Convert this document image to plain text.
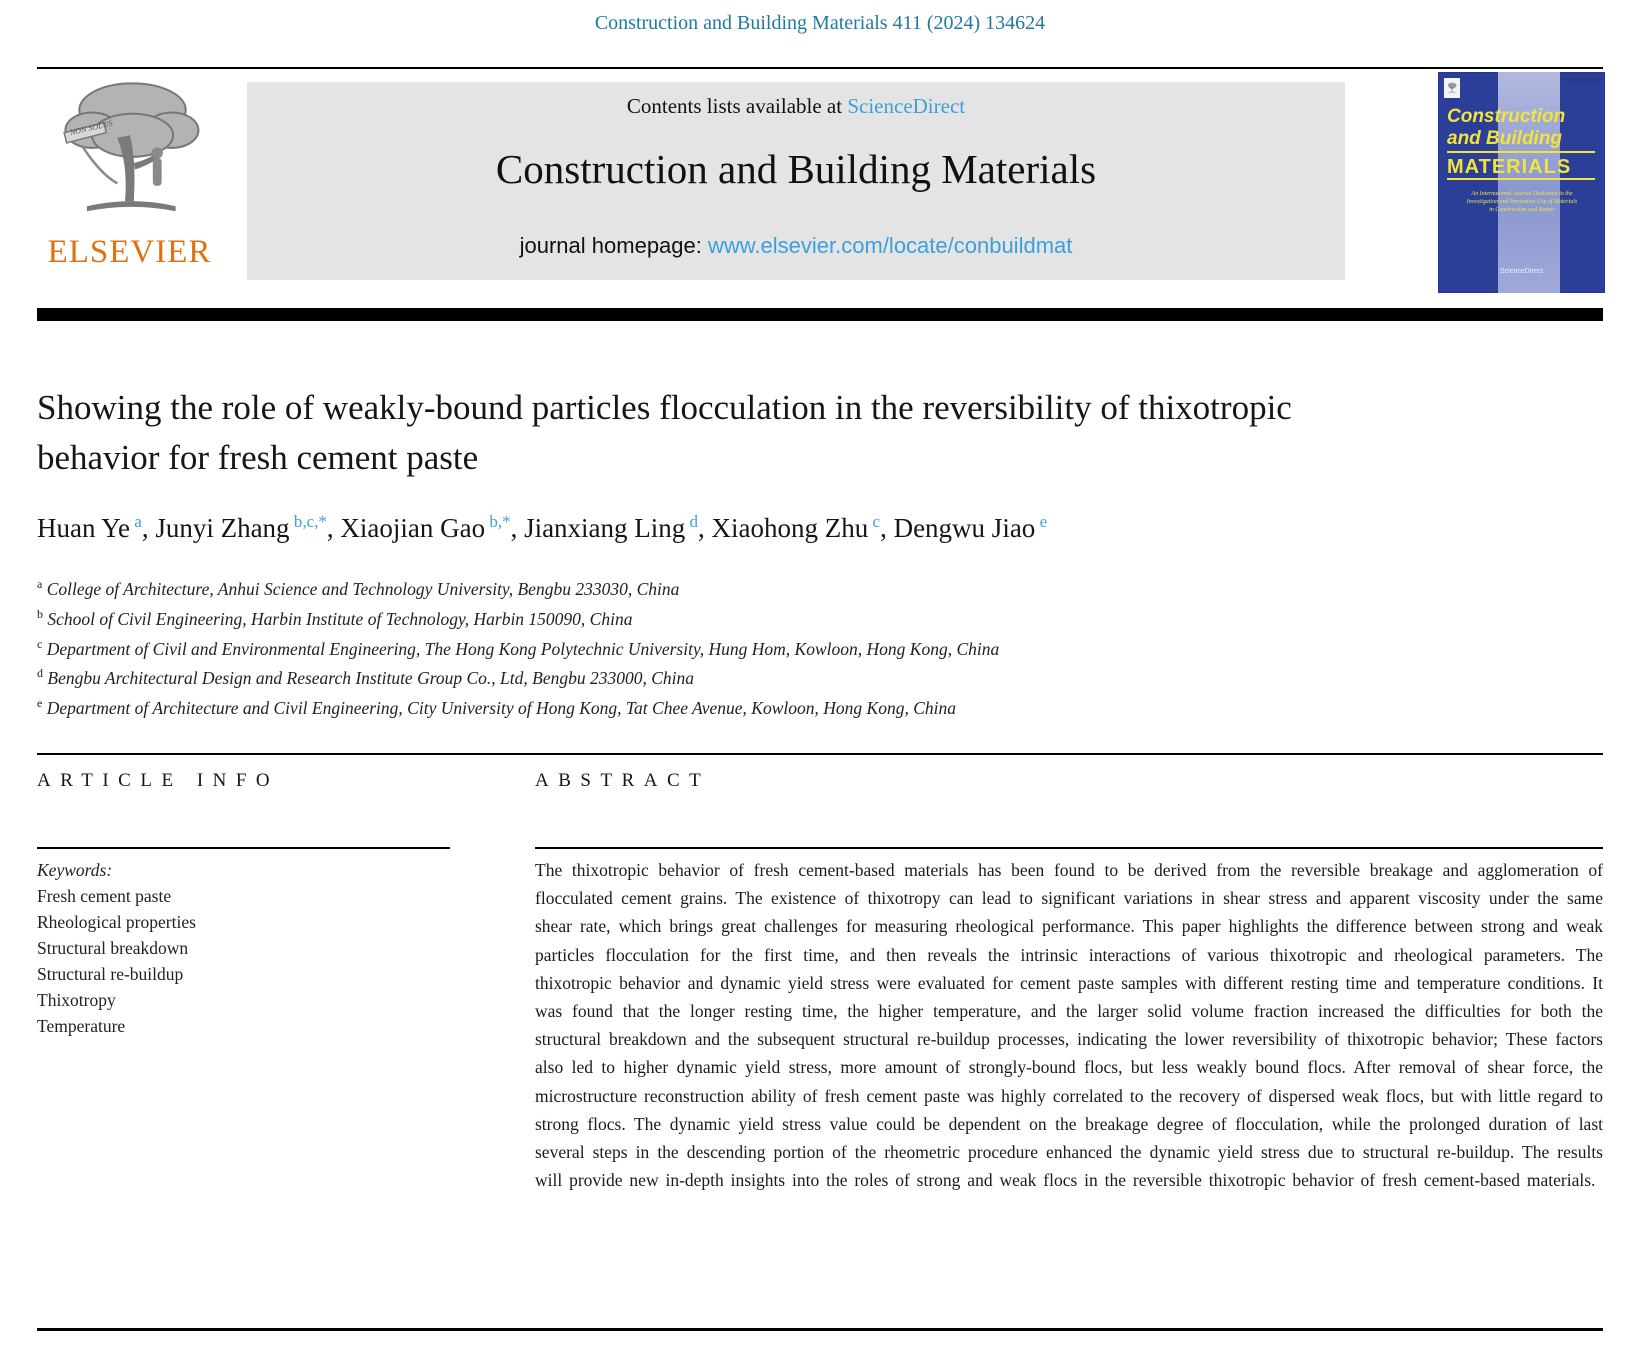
Construction and Building Materials 411 (2024) 134624
NON SOLUS
ELSEVIER
Contents lists available at ScienceDirect
Construction and Building Materials
journal homepage: www.elsevier.com/locate/conbuildmat
ISSN 0950-0618
Construction
and Building
MATERIALS
An International Journal Dedicated to the Investigation and Innovative Use of Materials in Construction and Repair
ScienceDirect
Showing the role of weakly-bound particles flocculation in the reversibility of thixotropic behavior for fresh cement paste
Huan Ye $^a$, Junyi Zhang $^{b,c,*}$, Xiaojian Gao $^{b,*}$, Jianxiang Ling $^d$, Xiaohong Zhu $^c$, Dengwu Jiao $^e$
$^a$ College of Architecture, Anhui Science and Technology University, Bengbu 233030, China
$^b$ School of Civil Engineering, Harbin Institute of Technology, Harbin 150090, China
$^c$ Department of Civil and Environmental Engineering, The Hong Kong Polytechnic University, Hung Hom, Kowloon, Hong Kong, China
$^d$ Bengbu Architectural Design and Research Institute Group Co., Ltd, Bengbu 233000, China
$^e$ Department of Architecture and Civil Engineering, City University of Hong Kong, Tat Chee Avenue, Kowloon, Hong Kong, China
ARTICLE INFO	ABSTRACT
Keywords:
Fresh cement paste
Rheological properties
Structural breakdown
Structural re-buildup
Thixotropy
Temperature

The thixotropic behavior of fresh cement-based materials has been found to be derived from the reversible breakage and agglomeration of flocculated cement grains. The existence of thixotropy can lead to significant variations in shear stress and apparent viscosity under the same shear rate, which brings great challenges for measuring rheological performance. This paper highlights the difference between strong and weak particles flocculation for the first time, and then reveals the intrinsic interactions of various thixotropic and rheological parameters. The thixotropic behavior and dynamic yield stress were evaluated for cement paste samples with different resting time and temperature conditions. It was found that the longer resting time, the higher temperature, and the larger solid volume fraction increased the difficulties for both the structural breakdown and the subsequent structural re-buildup processes, indicating the lower reversibility of thixotropic behavior; These factors also led to higher dynamic yield stress, more amount of strongly-bound flocs, but less weakly bound flocs. After removal of shear force, the microstructure reconstruction ability of fresh cement paste was highly correlated to the recovery of dispersed weak flocs, but with little regard to strong flocs. The dynamic yield stress value could be dependent on the breakage degree of flocculation, while the prolonged duration of last several steps in the descending portion of the rheometric procedure enhanced the dynamic yield stress due to structural re-buildup. The results will provide new in-depth insights into the roles of strong and weak flocs in the reversible thixotropic behavior of fresh cement-based materials.
